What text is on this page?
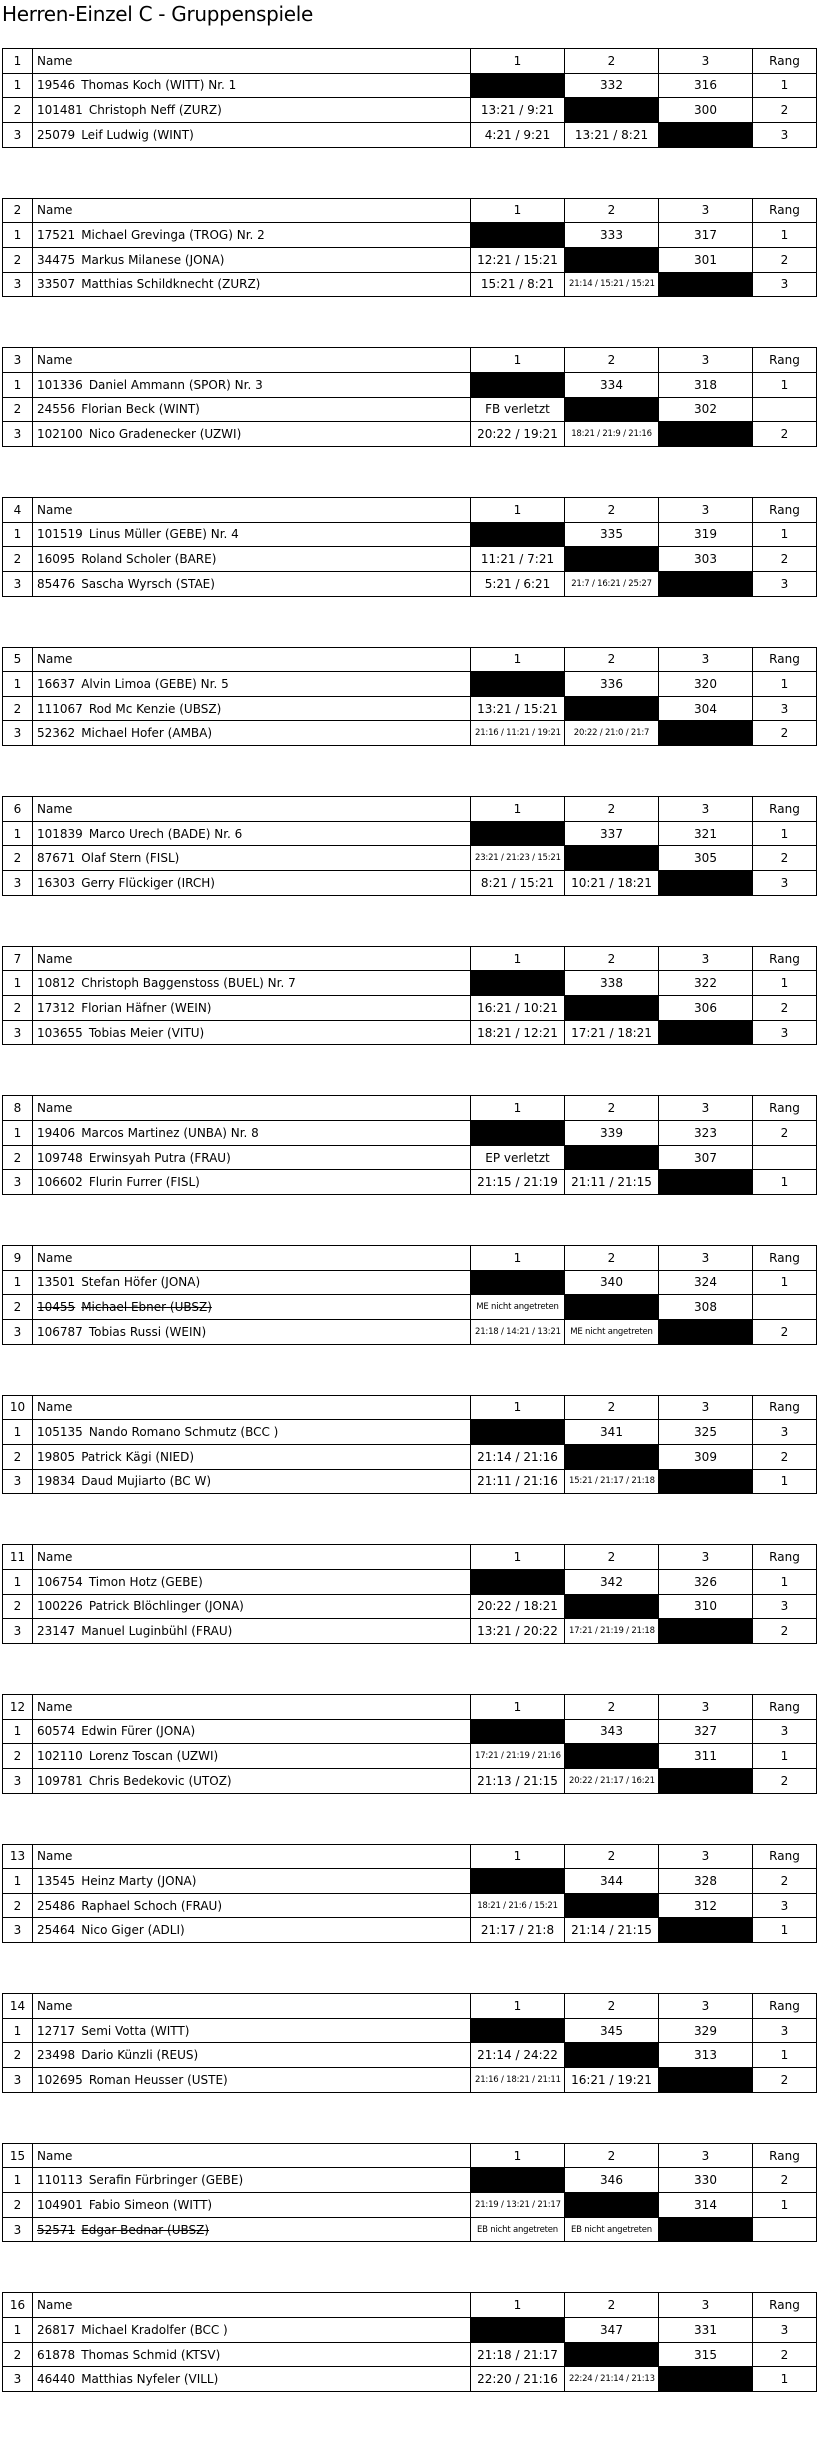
Herren-Einzel C - Gruppenspiele
1	Name	1	2	3	Rang
1	19546 Thomas Koch (WITT) Nr. 1		332	316	1
2	101481 Christoph Neff (ZURZ)	13:21 / 9:21		300	2
3	25079 Leif Ludwig (WINT)	4:21 / 9:21	13:21 / 8:21		3
2	Name	1	2	3	Rang
1	17521 Michael Grevinga (TROG) Nr. 2		333	317	1
2	34475 Markus Milanese (JONA)	12:21 / 15:21		301	2
3	33507 Matthias Schildknecht (ZURZ)	15:21 / 8:21	21:14 / 15:21 / 15:21		3
3	Name	1	2	3	Rang
1	101336 Daniel Ammann (SPOR) Nr. 3		334	318	1
2	24556 Florian Beck (WINT)	FB verletzt		302	
3	102100 Nico Gradenecker (UZWI)	20:22 / 19:21	18:21 / 21:9 / 21:16		2
4	Name	1	2	3	Rang
1	101519 Linus Müller (GEBE) Nr. 4		335	319	1
2	16095 Roland Scholer (BARE)	11:21 / 7:21		303	2
3	85476 Sascha Wyrsch (STAE)	5:21 / 6:21	21:7 / 16:21 / 25:27		3
5	Name	1	2	3	Rang
1	16637 Alvin Limoa (GEBE) Nr. 5		336	320	1
2	111067 Rod Mc Kenzie (UBSZ)	13:21 / 15:21		304	3
3	52362 Michael Hofer (AMBA)	21:16 / 11:21 / 19:21	20:22 / 21:0 / 21:7		2
6	Name	1	2	3	Rang
1	101839 Marco Urech (BADE) Nr. 6		337	321	1
2	87671 Olaf Stern (FISL)	23:21 / 21:23 / 15:21		305	2
3	16303 Gerry Flückiger (IRCH)	8:21 / 15:21	10:21 / 18:21		3
7	Name	1	2	3	Rang
1	10812 Christoph Baggenstoss (BUEL) Nr. 7		338	322	1
2	17312 Florian Häfner (WEIN)	16:21 / 10:21		306	2
3	103655 Tobias Meier (VITU)	18:21 / 12:21	17:21 / 18:21		3
8	Name	1	2	3	Rang
1	19406 Marcos Martinez (UNBA) Nr. 8		339	323	2
2	109748 Erwinsyah Putra (FRAU)	EP verletzt		307	
3	106602 Flurin Furrer (FISL)	21:15 / 21:19	21:11 / 21:15		1
9	Name	1	2	3	Rang
1	13501 Stefan Höfer (JONA)		340	324	1
2	10455 Michael Ebner (UBSZ)	ME nicht angetreten		308	
3	106787 Tobias Russi (WEIN)	21:18 / 14:21 / 13:21	ME nicht angetreten		2
10	Name	1	2	3	Rang
1	105135 Nando Romano Schmutz (BCC )		341	325	3
2	19805 Patrick Kägi (NIED)	21:14 / 21:16		309	2
3	19834 Daud Mujiarto (BC W)	21:11 / 21:16	15:21 / 21:17 / 21:18		1
11	Name	1	2	3	Rang
1	106754 Timon Hotz (GEBE)		342	326	1
2	100226 Patrick Blöchlinger (JONA)	20:22 / 18:21		310	3
3	23147 Manuel Luginbühl (FRAU)	13:21 / 20:22	17:21 / 21:19 / 21:18		2
12	Name	1	2	3	Rang
1	60574 Edwin Fürer (JONA)		343	327	3
2	102110 Lorenz Toscan (UZWI)	17:21 / 21:19 / 21:16		311	1
3	109781 Chris Bedekovic (UTOZ)	21:13 / 21:15	20:22 / 21:17 / 16:21		2
13	Name	1	2	3	Rang
1	13545 Heinz Marty (JONA)		344	328	2
2	25486 Raphael Schoch (FRAU)	18:21 / 21:6 / 15:21		312	3
3	25464 Nico Giger (ADLI)	21:17 / 21:8	21:14 / 21:15		1
14	Name	1	2	3	Rang
1	12717 Semi Votta (WITT)		345	329	3
2	23498 Dario Künzli (REUS)	21:14 / 24:22		313	1
3	102695 Roman Heusser (USTE)	21:16 / 18:21 / 21:11	16:21 / 19:21		2
15	Name	1	2	3	Rang
1	110113 Serafin Fürbringer (GEBE)		346	330	2
2	104901 Fabio Simeon (WITT)	21:19 / 13:21 / 21:17		314	1
3	52571 Edgar Bednar (UBSZ)	EB nicht angetreten	EB nicht angetreten		
16	Name	1	2	3	Rang
1	26817 Michael Kradolfer (BCC )		347	331	3
2	61878 Thomas Schmid (KTSV)	21:18 / 21:17		315	2
3	46440 Matthias Nyfeler (VILL)	22:20 / 21:16	22:24 / 21:14 / 21:13		1
